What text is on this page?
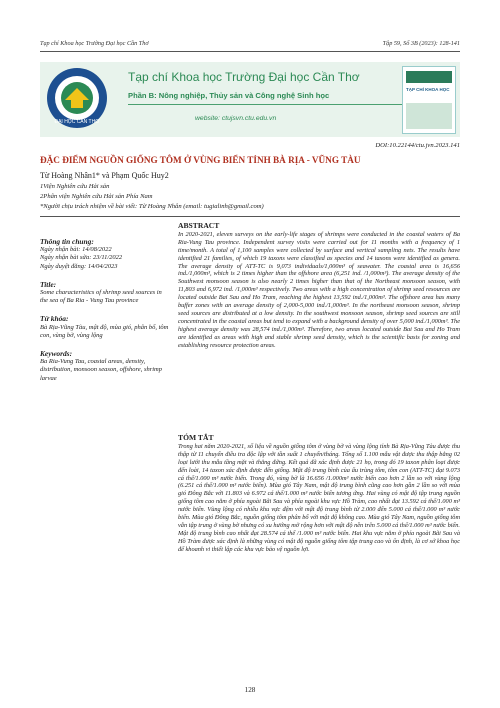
Tạp chí Khoa học Trường Đại học Cần Thơ	Tập 59, Số 3B (2023): 128-141
ĐẠI HỌC CẦN THƠ
Tạp chí Khoa học Trường Đại học Cần Thơ
Phần B: Nông nghiệp, Thủy sản và Công nghệ Sinh học
website: ctujsvn.ctu.edu.vn
TẠP CHÍ KHOA HỌC
DOI:10.22144/ctu.jvn.2023.141
ĐẶC ĐIỂM NGUỒN GIỐNG TÔM Ở VÙNG BIỂN TỈNH BÀ RỊA - VŨNG TÀU
Từ Hoàng Nhân1* và Phạm Quốc Huy2
1Viện Nghiên cứu Hải sản
2Phân viện Nghiên cứu Hải sản Phía Nam
*Người chịu trách nhiệm về bài viết: Từ Hoàng Nhân (email: tugialinh@gmail.com)
Thông tin chung:
Ngày nhận bài: 14/08/2022
Ngày nhận bài sửa: 23/11/2022
Ngày duyệt đăng: 14/04/2023
Title:
Some characteristics of shrimp seed sources in the sea of Ba Ria - Vung Tau province
Từ khóa:
Bà Rịa-Vũng Tàu, mật độ, mùa gió, phân bố, tôm con, vùng bờ, vùng lộng
Keywords:
Ba Ria-Vung Tau, coastal areas, density, distribution, monsoon season, offshore, shrimp larvae
ABSTRACT
In 2020-2021, eleven surveys on the early-life stages of shrimps were conducted in the coastal waters of Ba Ria-Vung Tau province. Independent survey visits were carried out for 11 months with a frequency of 1 time/month. A total of 1,100 samples were collected by surface and vertical sampling nets. The results have identified 21 families, of which 19 taxons were classified as species and 14 taxons were identified as genera. The average density of ATT-TC is 9,073 individuals/1,000m³ of seawater. The coastal area is 16,656 ind./1,000m³, which is 2 times higher than the offshore area (6,251 ind. /1,000m³). The average density of the Southwest monsoon season is also nearly 2 times higher than that of the Northeast monsoon season, with 11,803 and 6,972 ind. /1,000m³ respectively. Two areas with a high concentration of shrimp seed resources are located outside Bai Sau and Ho Tram, reaching the highest 13,592 ind./1,000m³. The offshore area has many buffer zones with an average density of 2,000-5,000 ind./1,000m³. In the northeast monsoon season, shrimp seed sources are distributed at a low density. In the southwest monsoon season, shrimp seed sources are still concentrated in the coastal areas but tend to expand with a background density of over 5,000 ind./1,000m³. The highest average density was 28,574 ind./1,000m³. Therefore, two areas located outside Bai Sau and Ho Tram are identified as areas with high and stable shrimp seed density, which is the scientific basis for zoning and establishing resource protection areas.
TÓM TẮT
Trong hai năm 2020-2021, số liệu về nguồn giống tôm ở vùng bờ và vùng lộng tỉnh Bà Rịa-Vũng Tàu được thu thập từ 11 chuyến điều tra độc lập với tần suất 1 chuyến/tháng. Tổng số 1.100 mẫu vật được thu thập bằng 02 loại lưới thu mẫu tầng mặt và thẳng đứng. Kết quả đã xác định được 21 họ, trong đó 19 taxon phân loại được đến loài, 14 taxon xác định được đến giống. Mật độ trung bình của ấu trùng tôm, tôm con (ATT-TC) đạt 9.073 cá thể/1.000 m³ nước biển. Trong đó, vùng bờ là 16.656 /1.000m³ nước biển cao hơn 2 lần so với vùng lộng (6.251 cá thể/1.000 m³ nước biển). Mùa gió Tây Nam, mật độ trung bình cũng cao hơn gần 2 lần so với mùa gió Đông Bắc với 11.803 và 6.972 cá thể/1.000 m³ nước biển tương ứng. Hai vùng có mật độ tập trung nguồn giống tôm cao nằm ở phía ngoài Bãi Sau và phía ngoài khu vực Hồ Tràm, cao nhất đạt 13.592 cá thể/1.000 m³ nước biển. Vùng lộng có nhiều khu vực đệm với mật độ trung bình từ 2.000 đến 5.000 cá thể/1.000 m³ nước biển. Mùa gió Đông Bắc, nguồn giống tôm phân bố với mật độ không cao. Mùa gió Tây Nam, nguồn giống tôm vẫn tập trung ở vùng bờ nhưng có xu hướng mở rộng hơn với mật độ nền trên 5.000 cá thể/1.000 m³ nước biển. Mật độ trung bình cao nhất đạt 28.574 cá thể /1.000 m³ nước biển. Hai khu vực nằm ở phía ngoài Bãi Sau và Hồ Tràm được xác định là những vùng có mật độ nguồn giống tôm tập trung cao và ổn định, là cơ sở khoa học để khoanh vi thiết lập các khu vực bảo vệ nguồn lợi.
128
